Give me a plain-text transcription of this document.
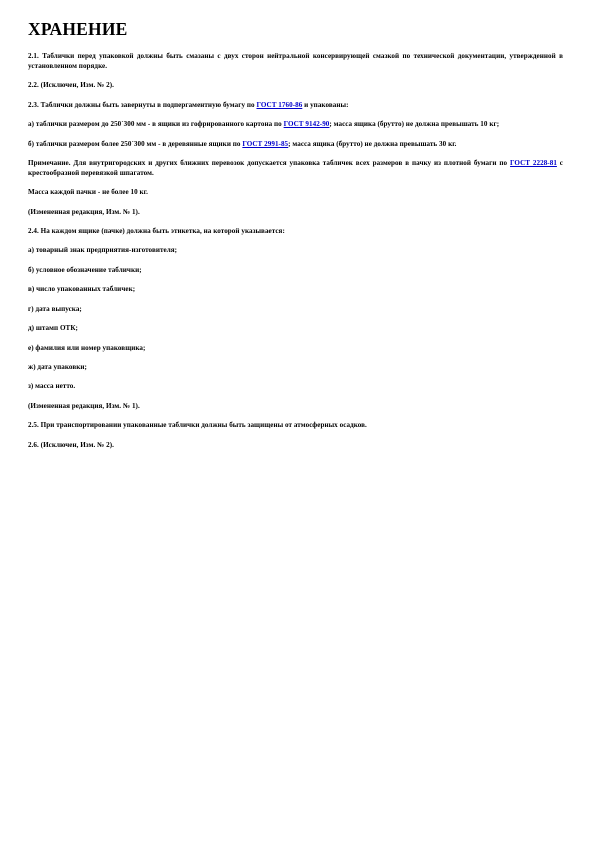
ХРАНЕНИЕ

2.1. Таблички перед упаковкой должны быть смазаны с двух сторон нейтральной консервирующей смазкой по технической документации, утвержденной в установленном порядке.

2.2. (Исключен, Изм. № 2).

2.3. Таблички должны быть завернуты в подпергаментную бумагу по ГОСТ 1760-86 и упакованы:

а) таблички размером до 250´300 мм - в ящики из гофрированного картона по ГОСТ 9142-90; масса ящика (брутто) не должна превышать 10 кг;

б) таблички размером более 250´300 мм - в деревянные ящики по ГОСТ 2991-85; масса ящика (брутто) не должна превышать 30 кг.

Примечание. Для внутригородских и других ближних перевозок допускается упаковка табличек всех размеров в пачку из плотной бумаги по ГОСТ 2228-81 с крестообразной перевязкой шпагатом.

Масса каждой пачки - не более 10 кг.

(Измененная редакция, Изм. № 1).

2.4. На каждом ящике (пачке) должна быть этикетка, на которой указывается:

а) товарный знак предприятия-изготовителя;

б) условное обозначение таблички;

в) число упакованных табличек;

г) дата выпуска;

д) штамп ОТК;

е) фамилия или номер упаковщика;

ж) дата упаковки;

з) масса нетто.

(Измененная редакция, Изм. № 1).

2.5. При транспортировании упакованные таблички должны быть защищены от атмосферных осадков.

2.6. (Исключен, Изм. № 2).
